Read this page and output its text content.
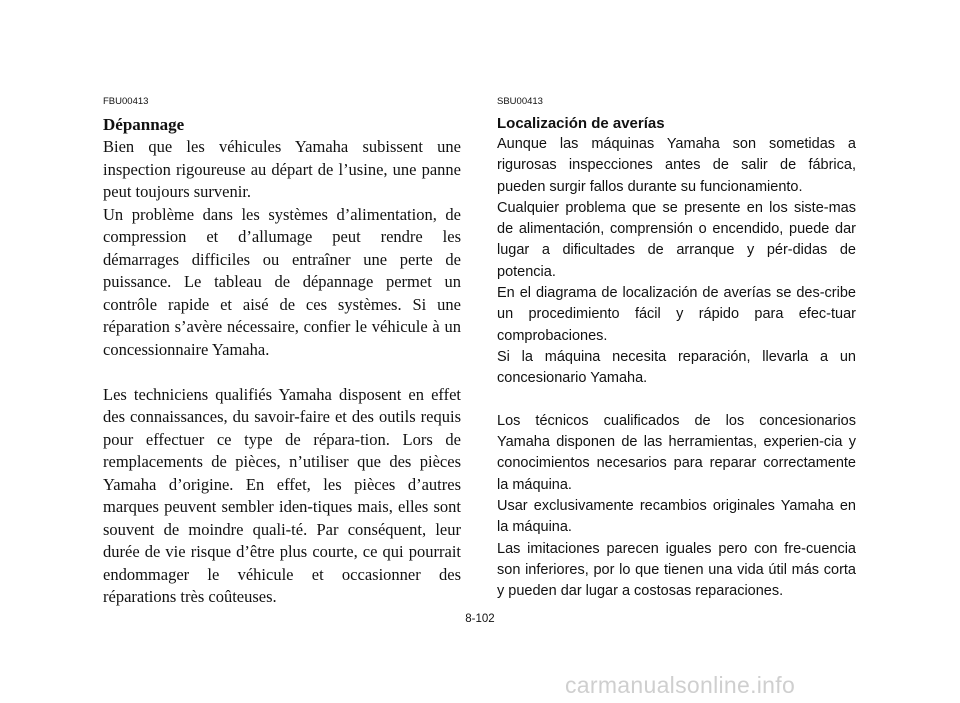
FBU00413
Dépannage

Bien que les véhicules Yamaha subissent une inspection rigoureuse au départ de l’usine, une panne peut toujours survenir.

Un problème dans les systèmes d’alimentation, de compression et d’allumage peut rendre les démarrages difficiles ou entraîner une perte de puissance. Le tableau de dépannage permet un contrôle rapide et aisé de ces systèmes. Si une réparation s’avère nécessaire, confier le véhicule à un concessionnaire Yamaha.

Les techniciens qualifiés Yamaha disposent en effet des connaissances, du savoir-faire et des outils requis pour effectuer ce type de répara-tion. Lors de remplacements de pièces, n’utiliser que des pièces Yamaha d’origine. En effet, les pièces d’autres marques peuvent sembler iden-tiques mais, elles sont souvent de moindre quali-té. Par conséquent, leur durée de vie risque d’être plus courte, ce qui pourrait endommager le véhicule et occasionner des réparations très coûteuses.

SBU00413
Localización de averías

Aunque las máquinas Yamaha son sometidas a rigurosas inspecciones antes de salir de fábrica, pueden surgir fallos durante su funcionamiento.

Cualquier problema que se presente en los siste-mas de alimentación, comprensión o encendido, puede dar lugar a dificultades de arranque y pér-didas de potencia.

En el diagrama de localización de averías se des-cribe un procedimiento fácil y rápido para efec-tuar comprobaciones.

Si la máquina necesita reparación, llevarla a un concesionario Yamaha.

Los técnicos cualificados de los concesionarios Yamaha disponen de las herramientas, experien-cia y conocimientos necesarios para reparar correctamente la máquina.

Usar exclusivamente recambios originales Yamaha en la máquina.

Las imitaciones parecen iguales pero con fre-cuencia son inferiores, por lo que tienen una vida útil más corta y pueden dar lugar a costosas reparaciones.

8-102
carmanualsonline.info
